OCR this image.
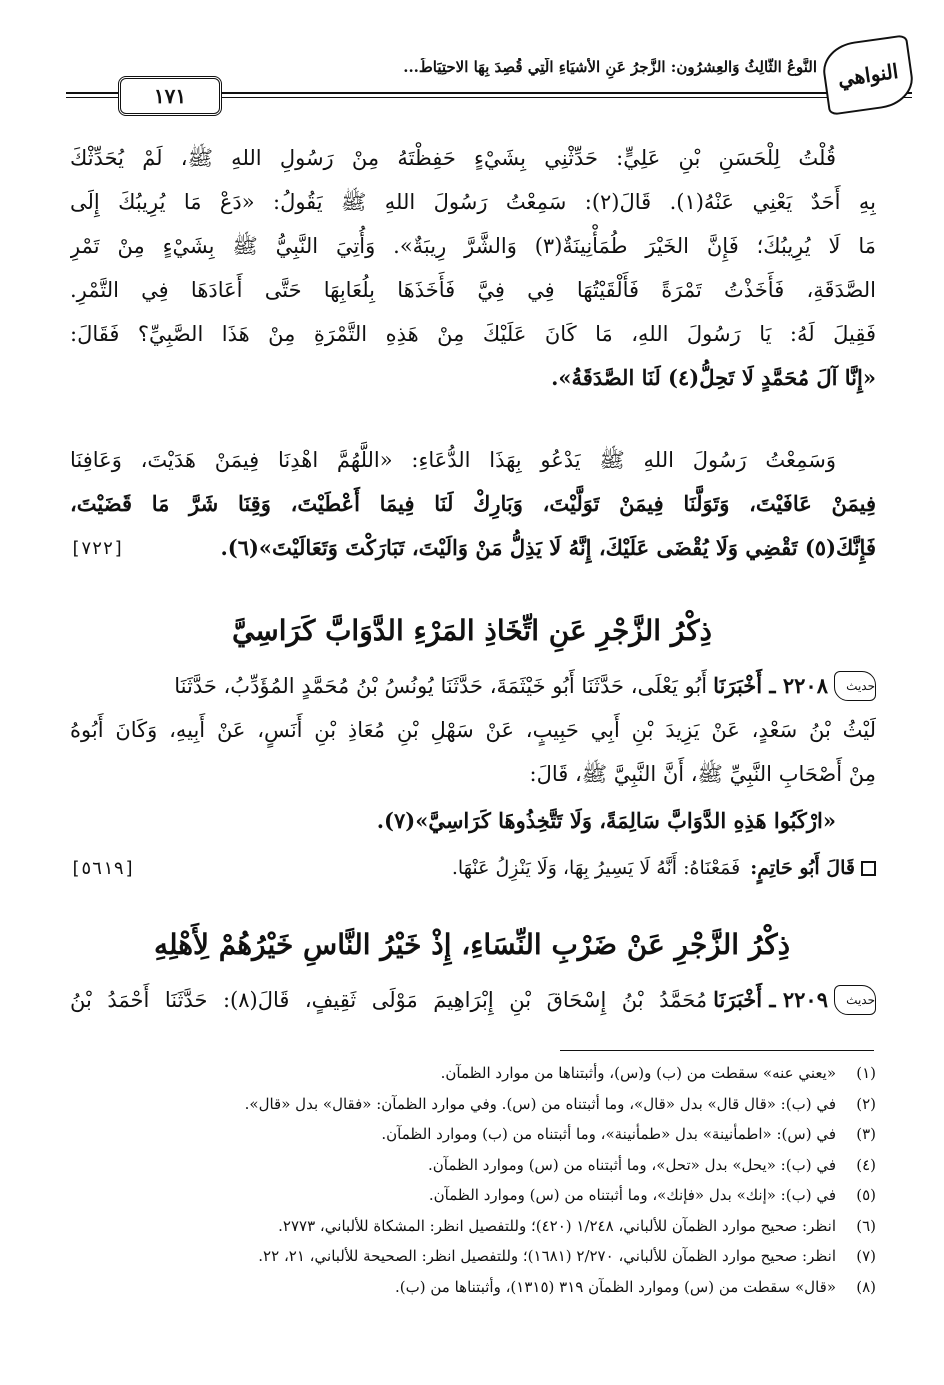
١٧١
النَّوعُ الثَّالِثُ وَالعِشرُون: الزَّجرُ عَنِ الأَشيَاءِ الَّتِي قُصِدَ بِهَا الاحتِيَاطُ... النواهي
قُلْتُ لِلْحَسَنِ بْنِ عَلِيٍّ: حَدِّثْنِي بِشَيْءٍ حَفِظْتَهُ مِنْ رَسُولِ اللهِ ﷺ، لَمْ يُحَدِّثْكَ
بِهِ أَحَدٌ يَعْنِي عَنْهُ(١). قَالَ(٢): سَمِعْتُ رَسُولَ اللهِ ﷺ يَقُولُ: «دَعْ مَا يُرِيبُكَ إِلَى
مَا لَا يُرِيبُكَ؛ فَإِنَّ الخَيْرَ طُمَأْنِينَةٌ(٣) وَالشَّرَّ رِيبَةٌ». وَأُتِيَ النَّبِيُّ ﷺ بِشَيْءٍ مِنْ تَمْرِ
الصَّدَقَةِ، فَأَخَذْتُ تَمْرَةً فَأَلْقَيْتُهَا فِي فِيَّ فَأَخَذَهَا بِلُعَابِهَا حَتَّى أَعَادَهَا فِي التَّمْرِ.
فَقِيلَ لَهُ: يَا رَسُولَ اللهِ، مَا كَانَ عَلَيْكَ مِنْ هَذِهِ التَّمْرَةِ مِنْ هَذَا الصَّبِيِّ؟ فَقَالَ:
«إِنَّا آلَ مُحَمَّدٍ لَا تَحِلُّ(٤) لَنَا الصَّدَقَةُ».
وَسَمِعْتُ رَسُولَ اللهِ ﷺ يَدْعُو بِهَذَا الدُّعَاءِ: «اللَّهُمَّ اهْدِنَا فِيمَنْ هَدَيْتَ، وَعَافِنَا
فِيمَنْ عَافَيْتَ، وَتَوَلَّنَا فِيمَنْ تَوَلَّيْتَ، وَبَارِكْ لَنَا فِيمَا أَعْطَيْتَ، وَقِنَا شَرَّ مَا قَضَيْتَ،
فَإِنَّكَ(٥) تَقْضِي وَلَا يُقْضَى عَلَيْكَ، إِنَّهُ لَا يَذِلُّ مَنْ وَالَيْتَ، تَبَارَكْتَ وَتَعَالَيْتَ»(٦).
[٧٢٢]
ذِكْرُ الزَّجْرِ عَنِ اتِّخَاذِ المَرْءِ الدَّوَابَّ كَرَاسِيَّ
حديث
٢٢٠٨ ـ أَخْبَرَنَا
أَبُو يَعْلَى، حَدَّثَنَا أَبُو خَيْثَمَةَ، حَدَّثَنَا يُونُسُ بْنُ مُحَمَّدٍ المُؤَدِّبُ، حَدَّثَنَا
لَيْثُ بْنُ سَعْدٍ، عَنْ يَزِيدَ بْنِ أَبِي حَبِيبٍ، عَنْ سَهْلِ بْنِ مُعَاذِ بْنِ أَنَسٍ، عَنْ أَبِيهِ، وَكَانَ أَبُوهُ
مِنْ أَصْحَابِ النَّبِيِّ ﷺ، أَنَّ النَّبِيَّ ﷺ، قَالَ:
«ارْكَبُوا هَذِهِ الدَّوَابَّ سَالِمَةً، وَلَا تَتَّخِذُوهَا كَرَاسِيَّ»(٧).
قَالَ أَبُو حَاتِمٍ:
فَمَعْنَاهُ: أَنَّهُ لَا يَسِيرُ بِهَا، وَلَا يَنْزِلُ عَنْهَا.
[٥٦١٩]
ذِكْرُ الزَّجْرِ عَنْ ضَرْبِ النِّسَاءِ، إِذْ خَيْرُ النَّاسِ خَيْرُهُمْ لِأَهْلِهِ
حديث
٢٢٠٩ ـ أَخْبَرَنَا
مُحَمَّدُ بْنُ إِسْحَاقَ بْنِ إِبْرَاهِيمَ مَوْلَى ثَقِيفٍ، قَالَ(٨): حَدَّثَنَا أَحْمَدُ بْنُ
(١)
«يعني عنه» سقطت من (ب) و(س)، وأثبتناها من موارد الظمآن.
(٢)
في (ب): «قال قال» بدل «قال»، وما أثبتناه من (س). وفي موارد الظمآن: «فقال» بدل «قال».
(٣)
في (س): «اطمأنينة» بدل «طمأنينة»، وما أثبتناه من (ب) وموارد الظمآن.
(٤)
في (ب): «يحل» بدل «تحل»، وما أثبتناه من (س) وموارد الظمآن.
(٥)
في (ب): «إنك» بدل «فإنك»، وما أثبتناه من (س) وموارد الظمآن.
(٦)
انظر: صحيح موارد الظمآن للألباني، ١/٢٤٨ (٤٢٠)؛ وللتفصيل انظر: المشكاة للألباني، ٢٧٧٣.
(٧)
انظر: صحيح موارد الظمآن للألباني، ٢/٢٧٠ (١٦٨١)؛ وللتفصيل انظر: الصحيحة للألباني، ٢١، ٢٢.
(٨)
«قال» سقطت من (س) وموارد الظمآن ٣١٩ (١٣١٥)، وأثبتناها من (ب).
